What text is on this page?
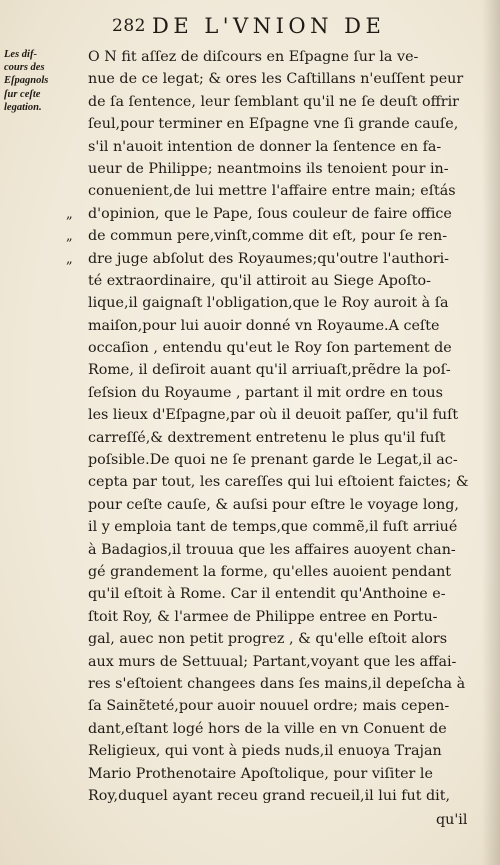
282 DE L'VNION DE
Les dif-
cours des
Eſpagnols
ſur ceſte
legation.
„
„
„
O N fit aſſez de diſcours en Eſpagne ſur la ve-
nue de ce legat; & ores les Caſtillans n'euſſent peur
de ſa ſentence, leur ſemblant qu'il ne ſe deuſt offrir
ſeul,pour terminer en Eſpagne vne ſi grande cauſe,
s'il n'auoit intention de donner la ſentence en fa-
ueur de Philippe; neantmoins ils tenoient pour in-
conuenient,de lui mettre l'affaire entre main; eſtás
d'opinion, que le Pape, ſous couleur de faire office
de commun pere,vinſt,comme dit eſt, pour ſe ren-
dre juge abſolut des Royaumes;qu'outre l'authori-
té extraordinaire, qu'il attiroit au Siege Apoſto-
lique,il gaignaſt l'obligation,que le Roy auroit à ſa
maiſon,pour lui auoir donné vn Royaume.A ceſte
occaſion , entendu qu'eut le Roy ſon partement de
Rome, il deſiroit auant qu'il arriuaſt,prẽdre la poſ-
ſeſsion du Royaume , partant il mit ordre en tous
les lieux d'Eſpagne,par où il deuoit paſſer, qu'il fuſt
carreſſé,& dextrement entretenu le plus qu'il fuſt
poſsible.De quoi ne ſe prenant garde le Legat,il ac-
cepta par tout, les careſſes qui lui eſtoient faictes; &
pour ceſte cauſe, & auſsi pour eſtre le voyage long,
il y emploia tant de temps,que commẽ,il fuſt arriué
à Badagios,il trouua que les affaires auoyent chan-
gé grandement la forme, qu'elles auoient pendant
qu'il eſtoit à Rome. Car il entendit qu'Anthoine e-
ſtoit Roy, & l'armee de Philippe entree en Portu-
gal, auec non petit progrez , & qu'elle eſtoit alors
aux murs de Settuual; Partant,voyant que les affai-
res s'eſtoient changees dans ſes mains,il depeſcha à
ſa Sainɛ̃teté,pour auoir nouuel ordre; mais cepen-
dant,eſtant logé hors de la ville en vn Conuent de
Religieux, qui vont à pieds nuds,il enuoya Trajan
Mario Prothenotaire Apoſtolique, pour viſiter le
Roy,duquel ayant receu grand recueil,il lui fut dit,
qu'il
